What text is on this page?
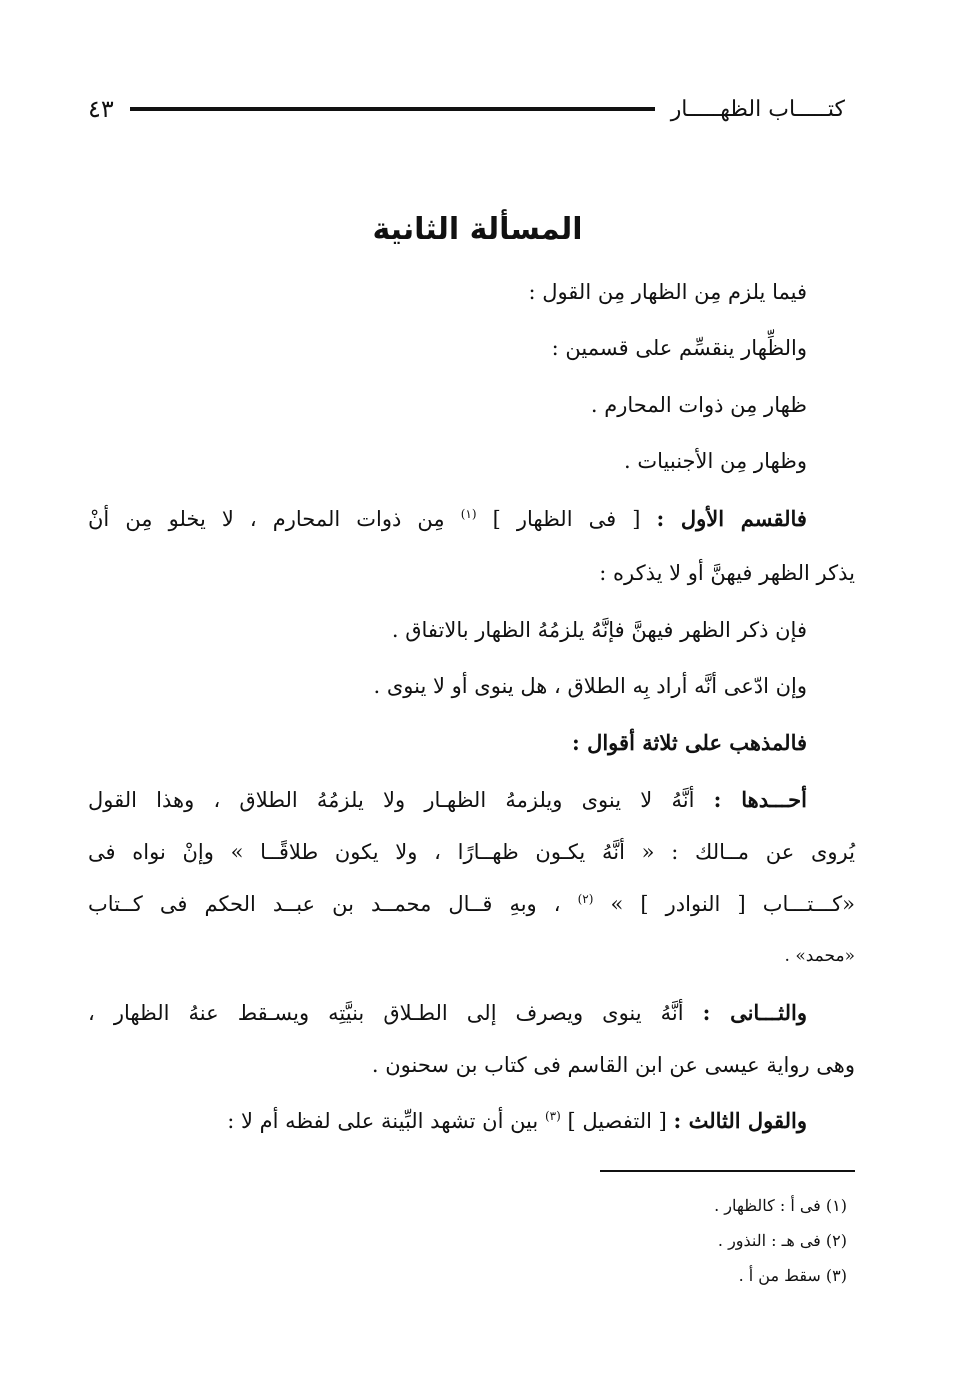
كتـــــاب الظهـــــار
٤٣
المسألة الثانية
فيما يلزم مِن الظهار مِن القول :
والظِّهار ينقسِّم على قسمين :
ظهار مِن ذوات المحارم .
وظهار مِن الأجنبيات .
فالقسم الأول : [ فى الظهار ] $^{(١)}$ مِن ذوات المحارم ، لا يخلو مِن أنْ
يذكر الظهر فيهنَّ أو لا يذكره :
فإن ذكر الظهر فيهنَّ فإنَّهُ يلزمُهُ الظهار بالاتفاق .
وإن ادّعى أنَّه أراد بِه الطلاق ، هل ينوى أو لا ينوى .
فالمذهب على ثلاثة أقوال :
أحـــدها : أنَّهُ لا ينوى ويلزمهُ الظهـار ولا يلزمُهُ الطلاق ، وهذا القول
يُروى عن مــالك : « أنَّهُ يكـون ظهــارًا ، ولا يكون طلاقًــا » وإنْ نواه فى
«كـــتـــاب [ النوادر ] » $^{(٢)}$ ، وبهِ قــال محمــد بن عبــد الحكم فى كــتاب
«محمد» .
والثـــانى : أنَّهُ ينوى ويصرف إلى الطـلاق بنيَّتِه ويسـقط عنهُ الظهار ،
وهى رواية عيسى عن ابن القاسم فى كتاب بن سحنون .
والقول الثالث : [ التفصيل ] $^{(٣)}$ بين أن تشهد البِّينة على لفظه أم لا :
(١) فى أ : كالظهار .
(٢) فى هـ : النذور .
(٣) سقط من أ .
